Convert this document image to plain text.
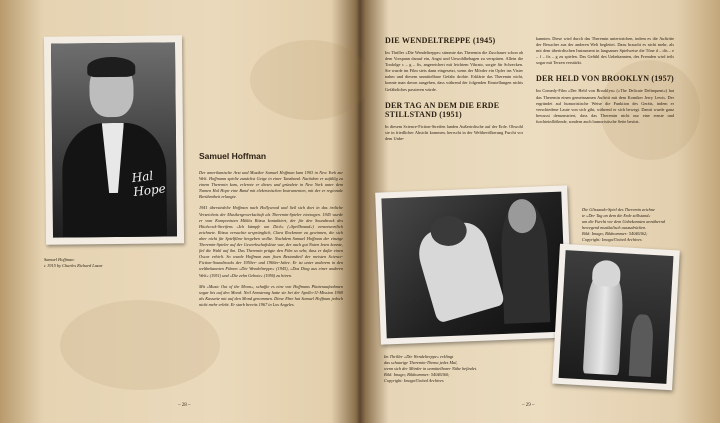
Hal Hope
Samuel Hoffman:
c 1915 by Charles Richard Lazar
Samuel Hoffman

Der amerikanische Arzt und Musiker Samuel Hoffman kam 1903 in New York zur Welt. Hoffmann spielte zunächst Geige in einer Tanzband. Nachdem er zufällig zu einem Theremin kam, erlernte er dieses und gründete in New York unter dem Namen Hal Hope eine Band mit elektronischen Instrumenten, mit der er regionale Berühmtheit erlangte.

1941 übersiedelte Hoffman nach Hollywood und ließ sich dort in das örtliche Verzeichnis der Musikergewerkschaft als Theremin-Spieler eintragen. 1945 wurde er vom Komponisten Miklós Rózsa kontaktiert, der für den Soundtrack des Hitchcock-Streifens »Ich kämpfe um Dich« (»Spellbound«) verantwortlich zeichnete. Rózsa versuchte ursprünglich, Clara Rockmore zu gewinnen, die sich aber nicht für Spielfilme hergeben wollte. Nachdem Samuel Hoffman der einzige Theremin-Spieler auf der Gewerkschaftsliste war, der auch gut Noten lesen konnte, fiel die Wahl auf ihn. Das Theremin prägte den Film so sehr, dass er dafür einen Oscar erhielt. So wurde Hoffman zum fixen Bestandteil der meisten Science-Fiction-Soundtracks der 1950er- und 1960er-Jahre. Er ist unter anderem in den weltbekannten Filmen »Die Wendeltreppe« (1945), »Das Ding aus einer anderen Welt« (1951) und »Die zehn Gebote« (1956) zu hören.

Mit »Music Out of the Moon«, schaffte es eine von Hoffmans Plattenaufnahmen sogar bis auf den Mond: Neil Armstrong hatte sie bei der Apollo-11-Mission 1969 als Kassette mit auf den Mond genommen. Diese Ehre hat Samuel Hoffman jedoch nicht mehr erlebt. Er starb bereits 1967 in Los Angeles.

– 28 –
DIE WENDELTREPPE (1945)

Im Thriller »Die Wendeltreppe« stimmte das Theremin die Zuschauer schon ab dem Vorspann darauf ein, Angst und Unwohlbehagen zu verspüren. Allein die Tonfolge c – g – fis, angereichert mit leichtem Vibrato, sorgte für Schrecken. Sie wurde im Film stets dann eingesetzt, wenn der Mörder ein Opfer ins Visier nahm und diesem unmittelbare Gefahr drohte. Erklärte das Theremin nicht, konnte man davon ausgehen, dass während der folgenden Einstellungen nichts Gefährliches passieren würde.

DER TAG AN DEM DIE ERDE STILLSTAND (1951)

In diesem Science-Fiction-Streifen landen Außerirdische auf der Erde. Obwohl sie in friedlicher Absicht kommen, herrscht in der Weltbevölkerung Furcht vor dem Unbe-

kannten. Diese wird durch das Theremin unterstrichen, indem es die Auftritte der Besucher aus der anderen Welt begleitet. Dazu braucht es nicht mehr, als mit dem überirdischen Instrument in langsamer Spielweise die Töne d – dis – e – f – fis – g zu spielen. Das Gefühl des Unbekannten, des Fremden wird teils sogar mit Terzen verstärkt.

DER HELD VON BROOKLYN (1957)

Im Comedy-Film »Der Held von Brooklyn« (»The Delicate Delinquent«) hat das Theremin einen gemeinsamen Auftritt mit dem Komiker Jerry Lewis. Der ergründet auf humoristische Weise die Funktion des Geräts, indem er verschiedene Laute von sich gibt, während er sich bewegt. Damit wurde ganz bewusst demonstriert, dass das Theremin nicht nur eine ernste und furchteinflößende, sondern auch humoristische Seite besitzt.

Im Thriller »Die Wendeltreppe« erklingt
das schaurige Theremin-Thema jedes Mal,
wenn sich der Mörder in unmittelbarer Nähe befindet.
Bild: Imago; Bildnummer: 54046360;
Copyright: Imago/United Archives
Die Glissando-Spiel des Theremin zeichne
te »Der Tag an dem die Erde stillstand«
um die Furcht vor dem Unbekannten annähernd
bewegend musikalisch auszudrücken.
Bild: Imago; Bildnummer: 54046362;
Copyright: Imago/United Archives
– 29 –
